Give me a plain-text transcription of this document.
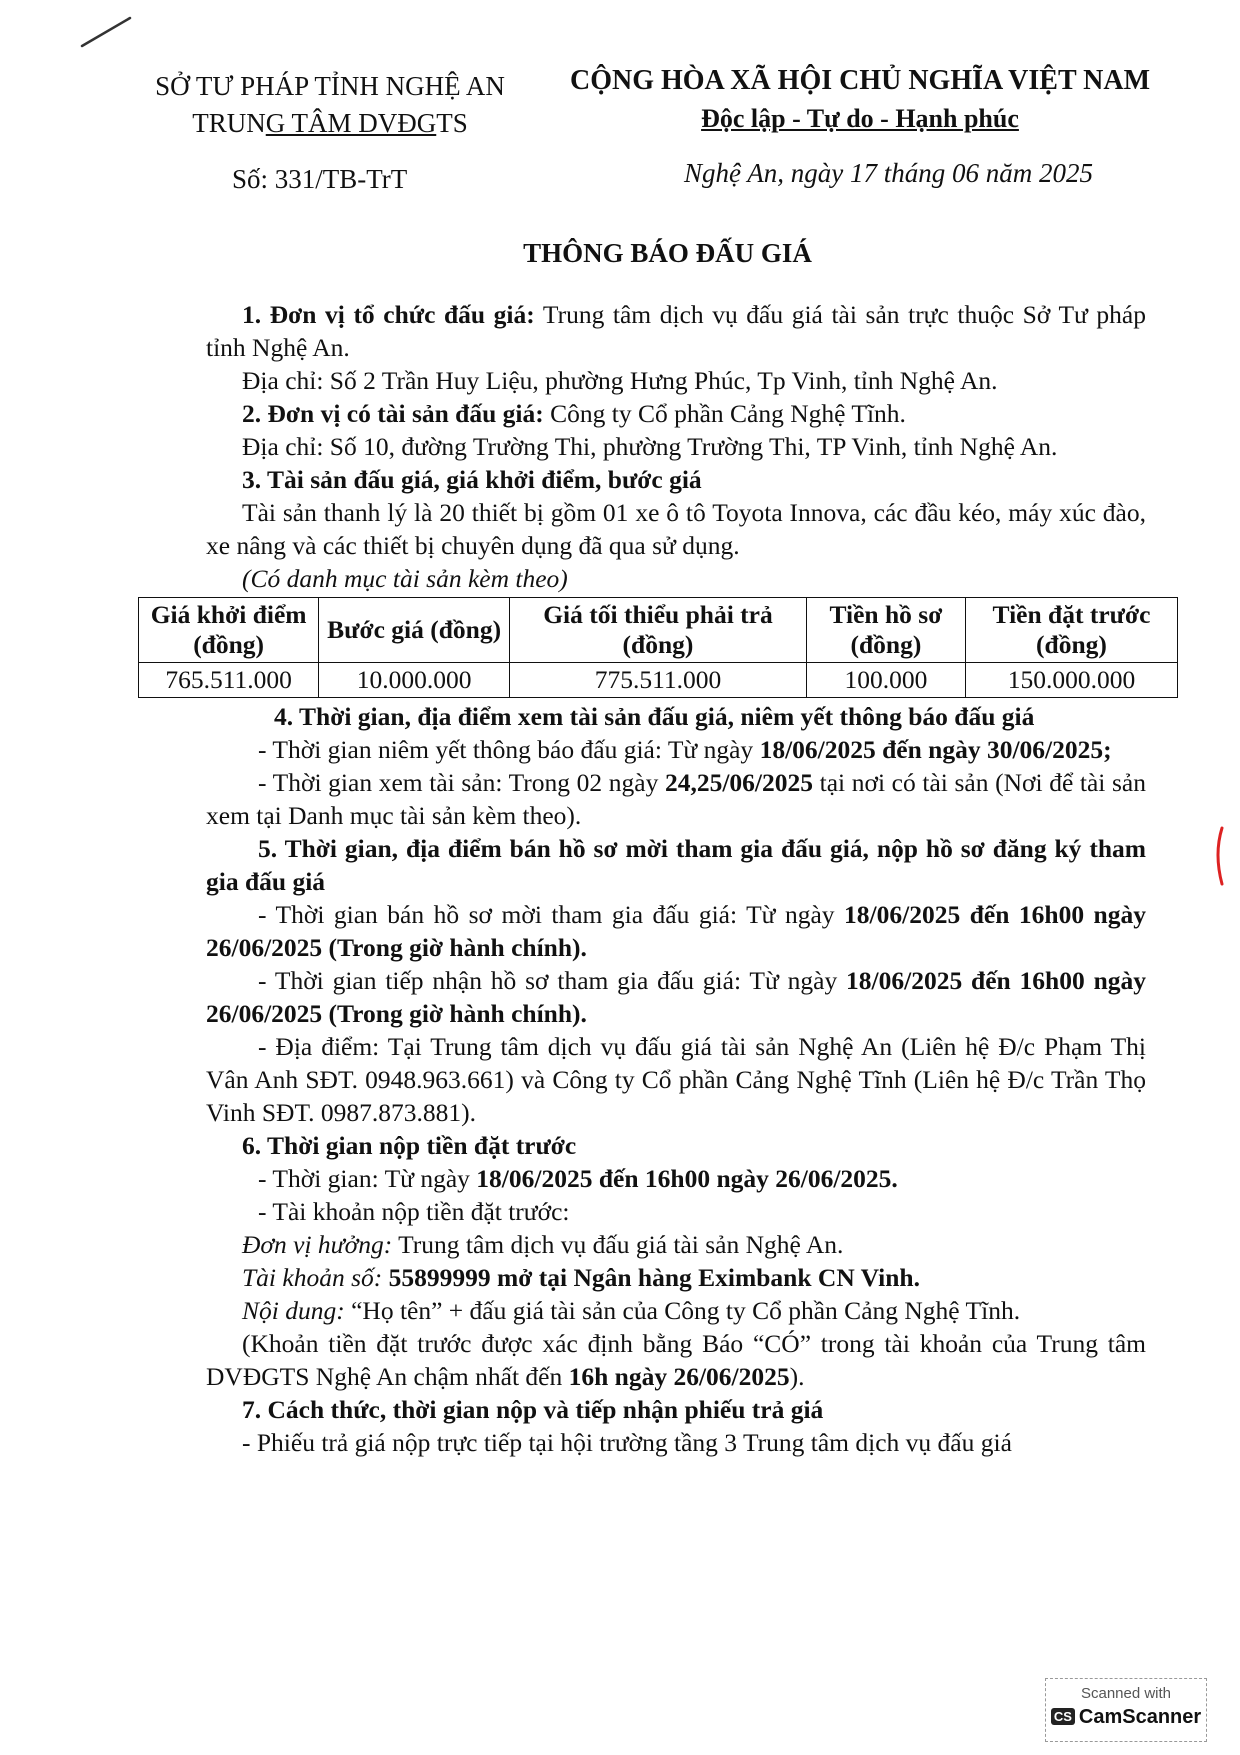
SỞ TƯ PHÁP TỈNH NGHỆ AN
TRUNG TÂM DVĐGTS
CỘNG HÒA XÃ HỘI CHỦ NGHĨA VIỆT NAM
Độc lập - Tự do - Hạnh phúc
Số: 331/TB-TrT	Nghệ An, ngày 17 tháng 06 năm 2025
THÔNG BÁO ĐẤU GIÁ

1. Đơn vị tổ chức đấu giá: Trung tâm dịch vụ đấu giá tài sản trực thuộc Sở Tư pháp tỉnh Nghệ An.

Địa chỉ: Số 2 Trần Huy Liệu, phường Hưng Phúc, Tp Vinh, tỉnh Nghệ An.

2. Đơn vị có tài sản đấu giá: Công ty Cổ phần Cảng Nghệ Tĩnh.

Địa chỉ: Số 10, đường Trường Thi, phường Trường Thi, TP Vinh, tỉnh Nghệ An.

3. Tài sản đấu giá, giá khởi điểm, bước giá

Tài sản thanh lý là 20 thiết bị gồm 01 xe ô tô Toyota Innova, các đầu kéo, máy xúc đào, xe nâng và các thiết bị chuyên dụng đã qua sử dụng.

(Có danh mục tài sản kèm theo)

Giá khởi điểm (đồng)	Bước giá (đồng)	Giá tối thiểu phải trả (đồng)	Tiền hồ sơ (đồng)	Tiền đặt trước (đồng)
765.511.000	10.000.000	775.511.000	100.000	150.000.000

4. Thời gian, địa điểm xem tài sản đấu giá, niêm yết thông báo đấu giá

- Thời gian niêm yết thông báo đấu giá: Từ ngày 18/06/2025 đến ngày 30/06/2025;

- Thời gian xem tài sản: Trong 02 ngày 24,25/06/2025 tại nơi có tài sản (Nơi để tài sản xem tại Danh mục tài sản kèm theo).

5. Thời gian, địa điểm bán hồ sơ mời tham gia đấu giá, nộp hồ sơ đăng ký tham gia đấu giá

- Thời gian bán hồ sơ mời tham gia đấu giá: Từ ngày 18/06/2025 đến 16h00 ngày 26/06/2025 (Trong giờ hành chính).

- Thời gian tiếp nhận hồ sơ tham gia đấu giá: Từ ngày 18/06/2025 đến 16h00 ngày 26/06/2025 (Trong giờ hành chính).

- Địa điểm: Tại Trung tâm dịch vụ đấu giá tài sản Nghệ An (Liên hệ Đ/c Phạm Thị Vân Anh SĐT. 0948.963.661) và Công ty Cổ phần Cảng Nghệ Tĩnh (Liên hệ Đ/c Trần Thọ Vinh SĐT. 0987.873.881).

6. Thời gian nộp tiền đặt trước

- Thời gian: Từ ngày 18/06/2025 đến 16h00 ngày 26/06/2025.

- Tài khoản nộp tiền đặt trước:

Đơn vị hưởng: Trung tâm dịch vụ đấu giá tài sản Nghệ An.

Tài khoản số: 55899999 mở tại Ngân hàng Eximbank CN Vinh.

Nội dung: “Họ tên” + đấu giá tài sản của Công ty Cổ phần Cảng Nghệ Tĩnh.

(Khoản tiền đặt trước được xác định bằng Báo “CÓ” trong tài khoản của Trung tâm DVĐGTS Nghệ An chậm nhất đến 16h ngày 26/06/2025).

7. Cách thức, thời gian nộp và tiếp nhận phiếu trả giá

- Phiếu trả giá nộp trực tiếp tại hội trường tầng 3 Trung tâm dịch vụ đấu giá

Scanned with
CS CamScanner
